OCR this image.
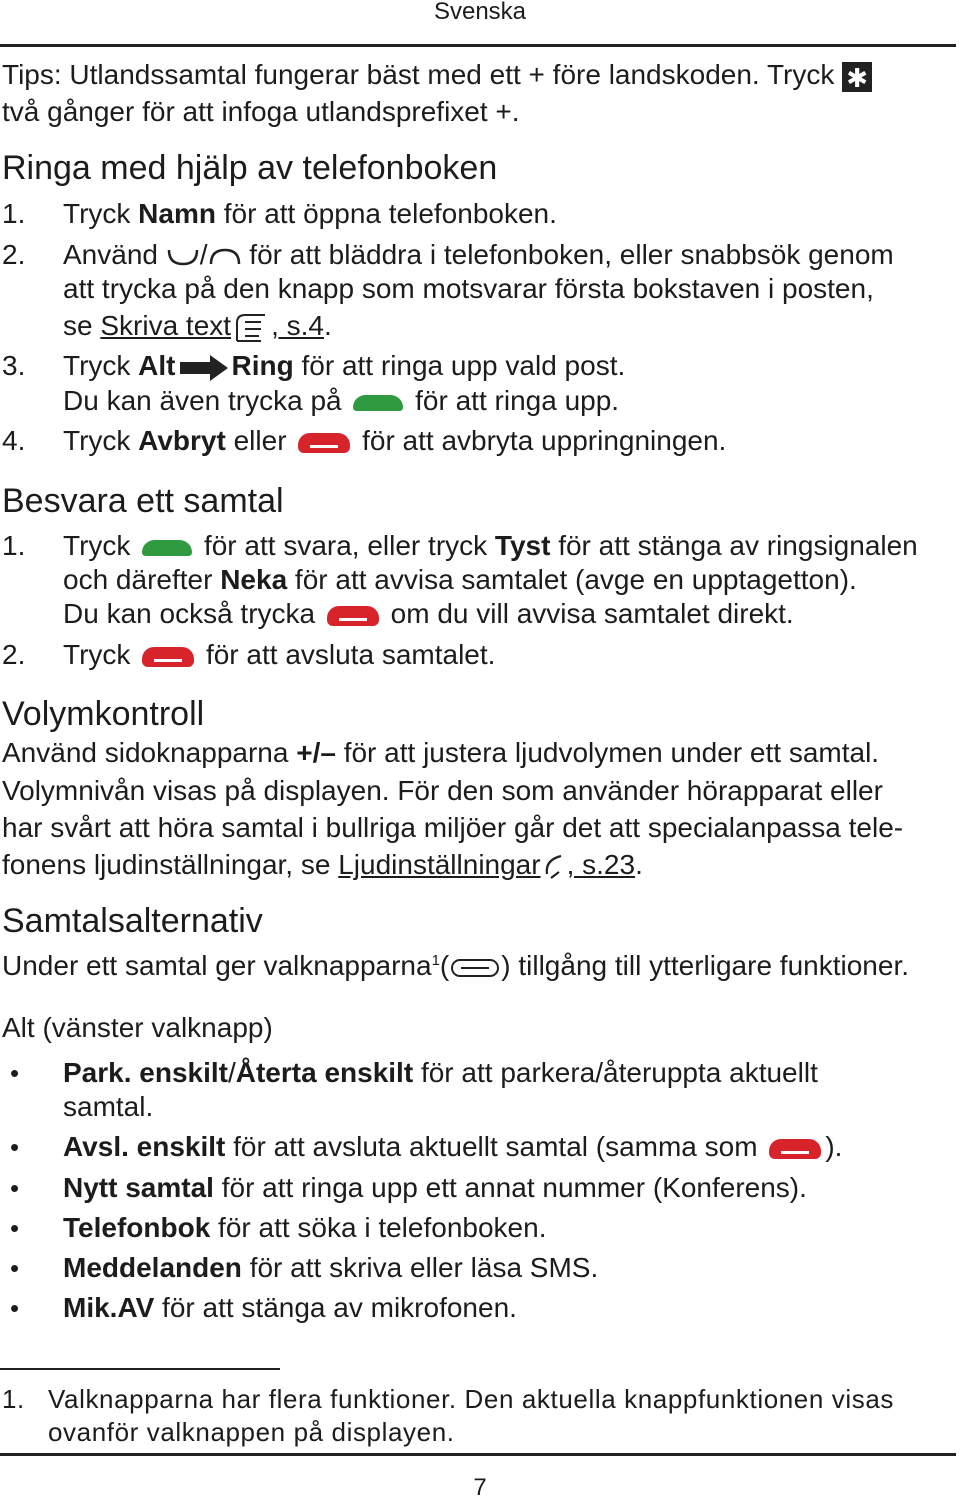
Svenska
Tips: Utlandssamtal fungerar bäst med ett + före landskoden. Tryck ✱
två gånger för att infoga utlandsprefixet +.
Ringa med hjälp av telefonboken
1. Tryck Namn för att öppna telefonboken.
2. Använd / för att bläddra i telefonboken, eller snabbsök genom
att trycka på den knapp som motsvarar första bokstaven i posten,
se Skriva text , s.4.
3. Tryck Alt Ring för att ringa upp vald post.
Du kan även trycka på	för att ringa upp.
4. Tryck Avbryt eller	för att avbryta uppringningen.
Besvara ett samtal
1. Tryck	för att svara, eller tryck Tyst för att stänga av ringsignalen
och därefter Neka för att avvisa samtalet (avge en upptagetton).
Du kan också trycka	om du vill avvisa samtalet direkt.
2. Tryck	för att avsluta samtalet.
Volymkontroll
Använd sidoknapparna +/– för att justera ljudvolymen under ett samtal.
Volymnivån visas på displayen. För den som använder hörapparat eller
har svårt att höra samtal i bullriga miljöer går det att specialanpassa tele-
fonens ljudinställningar, se Ljudinställningar , s.23.
Samtalsalternativ
Under ett samtal ger valknapparna$^1$( ) tillgång till ytterligare funktioner.
Alt (vänster valknapp)
• Park. enskilt/Återta enskilt för att parkera/återuppta aktuellt
samtal.
• Avsl. enskilt för att avsluta aktuellt samtal (samma som ).
• Nytt samtal för att ringa upp ett annat nummer (Konferens).
• Telefonbok för att söka i telefonboken.
• Meddelanden för att skriva eller läsa SMS.
• Mik.AV för att stänga av mikrofonen.
1. Valknapparna har flera funktioner. Den aktuella knappfunktionen visas
ovanför valknappen på displayen.
7
